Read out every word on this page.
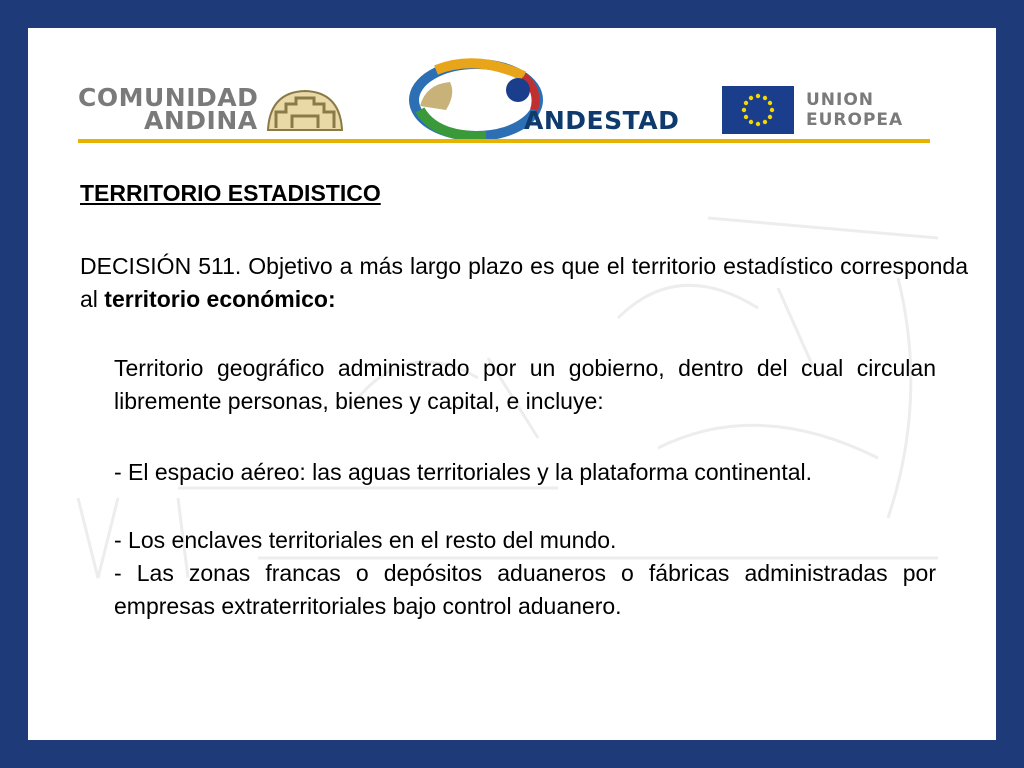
COMUNIDAD
ANDINA	ANDESTAD
UNION
EUROPEA
TERRITORIO ESTADISTICO
DECISIÓN 511. Objetivo a más largo plazo es que el territorio estadístico corresponda al territorio económico:
Territorio geográfico administrado por un gobierno, dentro del cual circulan libremente personas, bienes y capital, e incluye:
- El espacio aéreo: las aguas territoriales y la plataforma continental.
- Los enclaves territoriales en el resto del mundo.
- Las zonas francas o depósitos aduaneros o fábricas administradas por empresas extraterritoriales bajo control aduanero.
